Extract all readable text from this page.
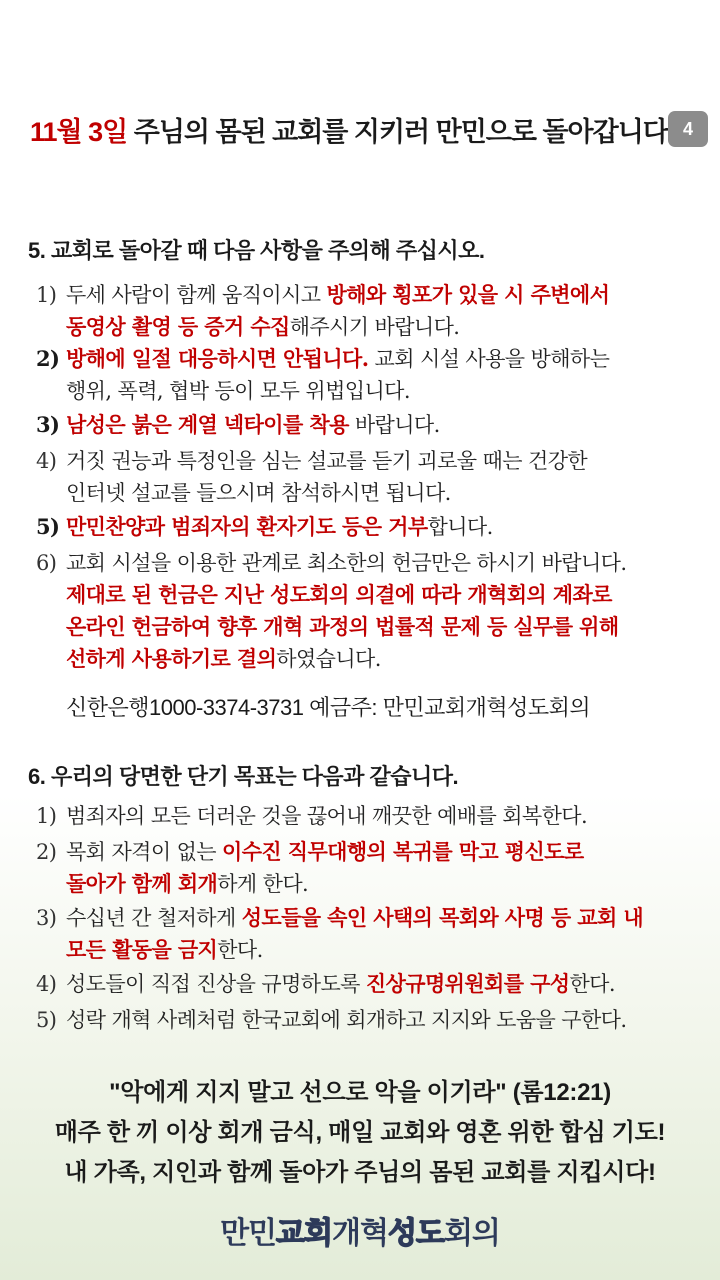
11월 3일 주님의 몸된 교회를 지키러 만민으로 돌아갑니다 4
5. 교회로 돌아갈 때 다음 사항을 주의해 주십시오.
1) 두세 사람이 함께 움직이시고 방해와 횡포가 있을 시 주변에서
동영상 촬영 등 증거 수집해주시기 바랍니다.
2) 방해에 일절 대응하시면 안됩니다. 교회 시설 사용을 방해하는
행위, 폭력, 협박 등이 모두 위법입니다.
3) 남성은 붉은 계열 넥타이를 착용 바랍니다.
4) 거짓 권능과 특정인을 심는 설교를 듣기 괴로울 때는 건강한
인터넷 설교를 들으시며 참석하시면 됩니다.
5) 만민찬양과 범죄자의 환자기도 등은 거부합니다.
6) 교회 시설을 이용한 관계로 최소한의 헌금만은 하시기 바랍니다.
제대로 된 헌금은 지난 성도회의 의결에 따라 개혁회의 계좌로
온라인 헌금하여 향후 개혁 과정의 법률적 문제 등 실무를 위해
선하게 사용하기로 결의하였습니다.
신한은행1000-3374-3731 예금주: 만민교회개혁성도회의
6. 우리의 당면한 단기 목표는 다음과 같습니다.
1) 범죄자의 모든 더러운 것을 끊어내 깨끗한 예배를 회복한다.
2) 목회 자격이 없는 이수진 직무대행의 복귀를 막고 평신도로
돌아가 함께 회개하게 한다.
3) 수십년 간 철저하게 성도들을 속인 사택의 목회와 사명 등 교회 내
모든 활동을 금지한다.
4) 성도들이 직접 진상을 규명하도록 진상규명위원회를 구성한다.
5) 성락 개혁 사례처럼 한국교회에 회개하고 지지와 도움을 구한다.
"악에게 지지 말고 선으로 악을 이기라" (롬12:21)
매주 한 끼 이상 회개 금식, 매일 교회와 영혼 위한 합심 기도!
내 가족, 지인과 함께 돌아가 주님의 몸된 교회를 지킵시다!
만민교회개혁성도회의
